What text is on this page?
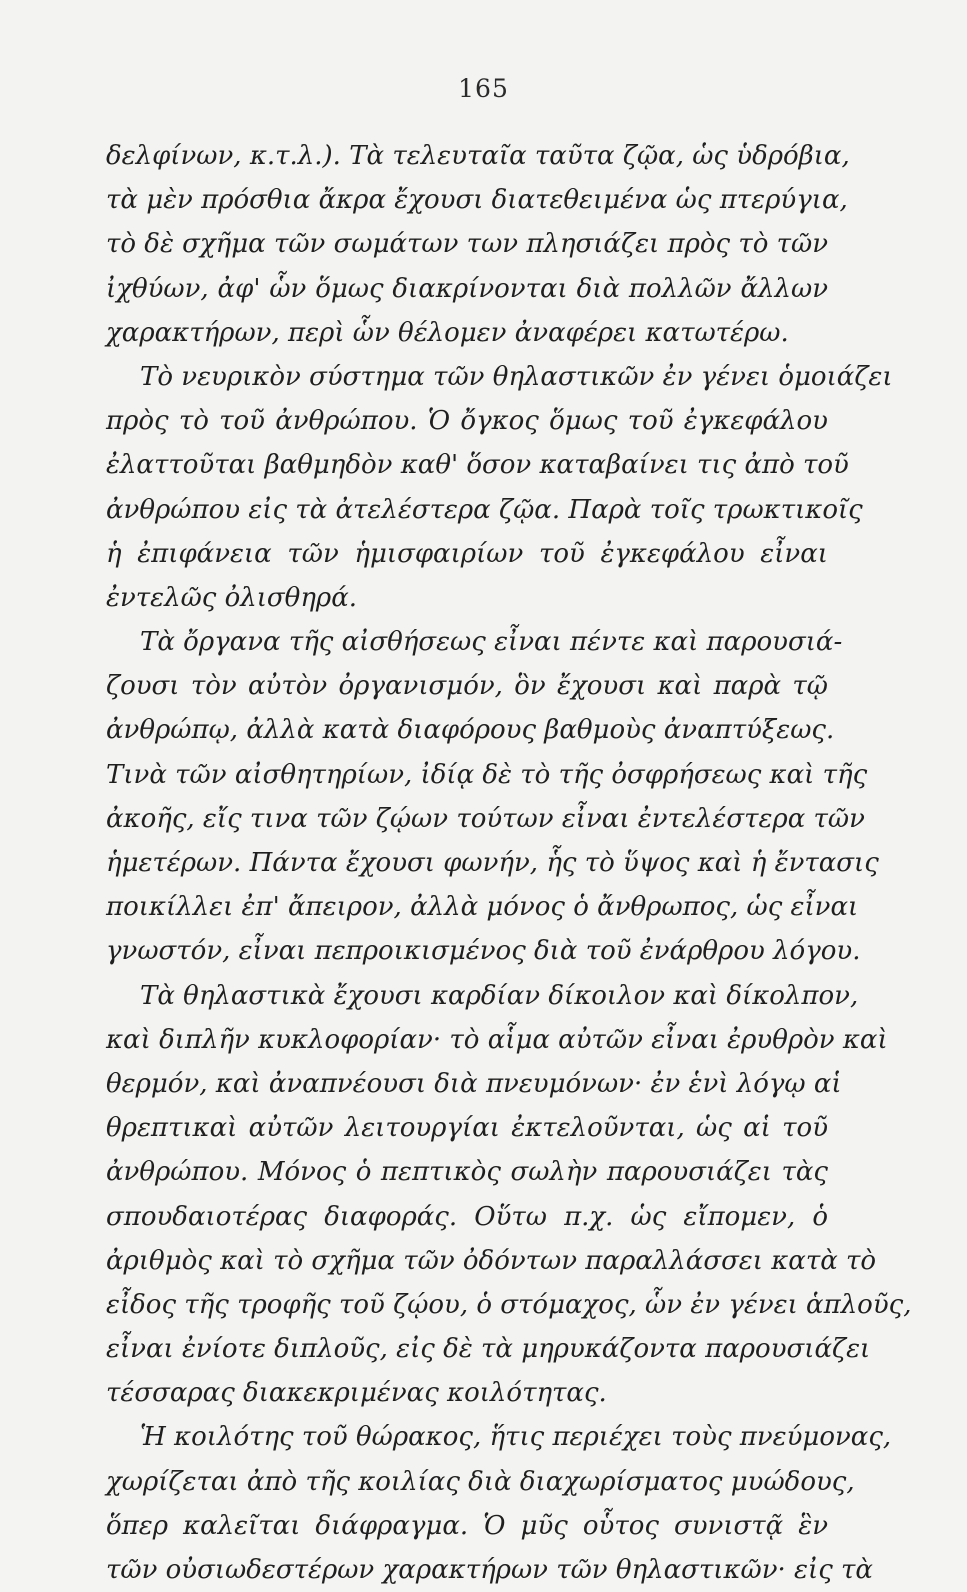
165
δελφίνων, κ.τ.λ.). Τὰ τελευταῖα ταῦτα ζῷα, ὡς ὑδρόβια,
τὰ μὲν πρόσθια ἄκρα ἔχουσι διατεθειμένα ὡς πτερύγια,
τὸ δὲ σχῆμα τῶν σωμάτων των πλησιάζει πρὸς τὸ τῶν
ἰχθύων, ἀφ' ὧν ὅμως διακρίνονται διὰ πολλῶν ἄλλων
χαρακτήρων, περὶ ὧν θέλομεν ἀναφέρει κατωτέρω.
Τὸ νευρικὸν σύστημα τῶν θηλαστικῶν ἐν γένει ὁμοιάζει
πρὸς τὸ τοῦ ἀνθρώπου. Ὁ ὄγκος ὅμως τοῦ ἐγκεφάλου
ἐλαττοῦται βαθμηδὸν καθ' ὅσον καταβαίνει τις ἀπὸ τοῦ
ἀνθρώπου εἰς τὰ ἀτελέστερα ζῷα. Παρὰ τοῖς τρωκτικοῖς
ἡ ἐπιφάνεια τῶν ἡμισφαιρίων τοῦ ἐγκεφάλου εἶναι
ἐντελῶς ὀλισθηρά.
Τὰ ὄργανα τῆς αἰσθήσεως εἶναι πέντε καὶ παρουσιά-
ζουσι τὸν αὐτὸν ὀργανισμόν, ὃν ἔχουσι καὶ παρὰ τῷ
ἀνθρώπῳ, ἀλλὰ κατὰ διαφόρους βαθμοὺς ἀναπτύξεως.
Τινὰ τῶν αἰσθητηρίων, ἰδίᾳ δὲ τὸ τῆς ὀσφρήσεως καὶ τῆς
ἀκοῆς, εἴς τινα τῶν ζῴων τούτων εἶναι ἐντελέστερα τῶν
ἡμετέρων. Πάντα ἔχουσι φωνήν, ἧς τὸ ὕψος καὶ ἡ ἔντασις
ποικίλλει ἐπ' ἄπειρον, ἀλλὰ μόνος ὁ ἄνθρωπος, ὡς εἶναι
γνωστόν, εἶναι πεπροικισμένος διὰ τοῦ ἐνάρθρου λόγου.
Τὰ θηλαστικὰ ἔχουσι καρδίαν δίκοιλον καὶ δίκολπον,
καὶ διπλῆν κυκλοφορίαν· τὸ αἷμα αὐτῶν εἶναι ἐρυθρὸν καὶ
θερμόν, καὶ ἀναπνέουσι διὰ πνευμόνων· ἐν ἑνὶ λόγῳ αἱ
θρεπτικαὶ αὐτῶν λειτουργίαι ἐκτελοῦνται, ὡς αἱ τοῦ
ἀνθρώπου. Μόνος ὁ πεπτικὸς σωλὴν παρουσιάζει τὰς
σπουδαιοτέρας διαφοράς. Οὕτω π.χ. ὡς εἴπομεν, ὁ
ἀριθμὸς καὶ τὸ σχῆμα τῶν ὀδόντων παραλλάσσει κατὰ τὸ
εἶδος τῆς τροφῆς τοῦ ζῴου, ὁ στόμαχος, ὧν ἐν γένει ἁπλοῦς,
εἶναι ἐνίοτε διπλοῦς, εἰς δὲ τὰ μηρυκάζοντα παρουσιάζει
τέσσαρας διακεκριμένας κοιλότητας.
Ἡ κοιλότης τοῦ θώρακος, ἥτις περιέχει τοὺς πνεύμονας,
χωρίζεται ἀπὸ τῆς κοιλίας διὰ διαχωρίσματος μυώδους,
ὅπερ καλεῖται διάφραγμα. Ὁ μῦς οὗτος συνιστᾷ ἓν
τῶν οὐσιωδεστέρων χαρακτήρων τῶν θηλαστικῶν· εἰς τὰ
